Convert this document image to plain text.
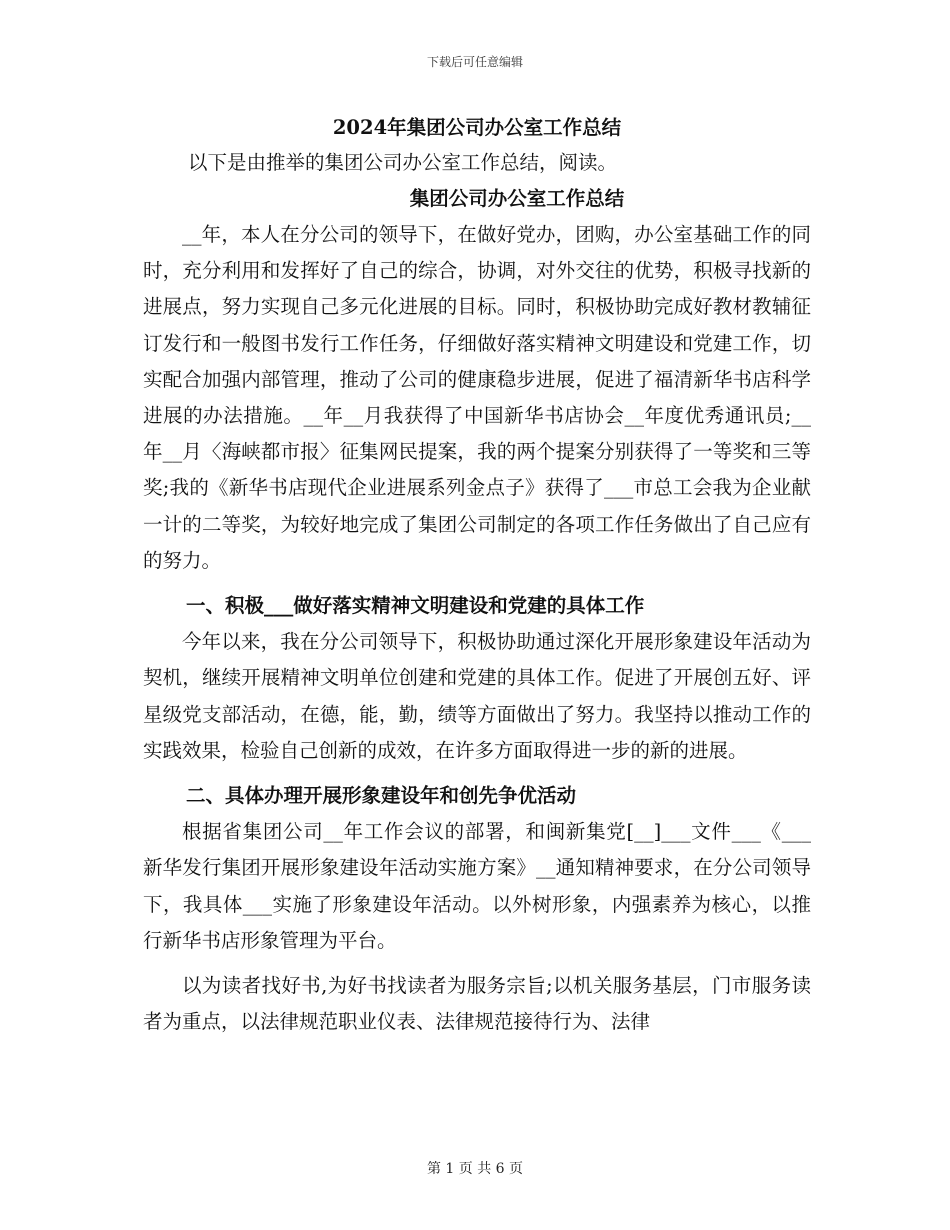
下载后可任意编辑
2024年集团公司办公室工作总结

以下是由推举的集团公司办公室工作总结，阅读。

集团公司办公室工作总结

__年，本人在分公司的领导下，在做好党办，团购，办公室基础工作的同时，充分利用和发挥好了自己的综合，协调，对外交往的优势，积极寻找新的进展点，努力实现自己多元化进展的目标。同时，积极协助完成好教材教辅征订发行和一般图书发行工作任务，仔细做好落实精神文明建设和党建工作，切实配合加强内部管理，推动了公司的健康稳步进展，促进了福清新华书店科学进展的办法措施。__年__月我获得了中国新华书店协会__年度优秀通讯员;__年__月〈海峡都市报〉征集网民提案，我的两个提案分别获得了一等奖和三等奖;我的《新华书店现代企业进展系列金点子》获得了___市总工会我为企业献一计的二等奖，为较好地完成了集团公司制定的各项工作任务做出了自己应有的努力。

一、积极___做好落实精神文明建设和党建的具体工作

今年以来，我在分公司领导下，积极协助通过深化开展形象建设年活动为契机，继续开展精神文明单位创建和党建的具体工作。促进了开展创五好、评星级党支部活动，在德，能，勤，绩等方面做出了努力。我坚持以推动工作的实践效果，检验自己创新的成效，在许多方面取得进一步的新的进展。

二、具体办理开展形象建设年和创先争优活动

根据省集团公司__年工作会议的部署，和闽新集党[__]___文件___《___新华发行集团开展形象建设年活动实施方案》__通知精神要求，在分公司领导下，我具体___实施了形象建设年活动。以外树形象，内强素养为核心，以推行新华书店形象管理为平台。

以为读者找好书,为好书找读者为服务宗旨;以机关服务基层，门市服务读者为重点，以法律规范职业仪表、法律规范接待行为、法律

第 1 页 共 6 页
